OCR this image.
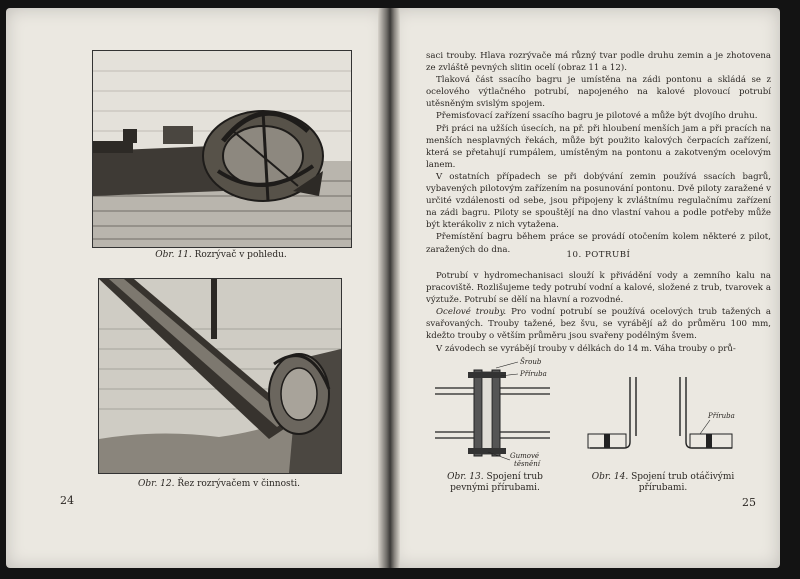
Obr. 11. Rozrývač v pohledu.
Obr. 12. Řez rozrývačem v činnosti.
24

saci trouby. Hlava rozrývače má různý tvar podle druhu zemin a je zhotovena ze zvláště pevných slitin ocelí (obraz 11 a 12).

Tlaková část ssacího bagru je umístěna na zádi pontonu a skládá se z ocelového výtlačného potrubí, napojeného na kalové plovoucí potrubí utěsněným svislým spojem.

Přemisťovací zařízení ssacího bagru je pilotové a může být dvojího druhu.

Při práci na užších úsecích, na př. při hloubení menších jam a při pracích na menších nesplavných řekách, může být použito kalových čerpacích zařízení, která se přetahují rumpálem, umístěným na pontonu a zakotveným ocelovým lanem.

V ostatních případech se při dobývání zemin používá ssacích bagrů, vybavených pilotovým zařízením na posunování pontonu. Dvě piloty zaražené v určité vzdálenosti od sebe, jsou připojeny k zvláštnímu regulačnímu zařízení na zádi bagru. Piloty se spouštějí na dno vlastní vahou a podle potřeby může být kterákoliv z nich vytažena.

Přemístění bagru během práce se provádí otočením kolem některé z pilot, zaražených do dna.

10. POTRUBÍ

Potrubí v hydromechanisaci slouží k přivádění vody a zemního kalu na pracoviště. Rozlišujeme tedy potrubí vodní a kalové, složené z trub, tvarovek a výztuže. Potrubí se dělí na hlavní a rozvodné.

Ocelové trouby. Pro vodní potrubí se používá ocelových trub tažených a svařovaných. Trouby tažené, bez švu, se vyrábějí až do průměru 100 mm, kdežto trouby o větším průměru jsou svařeny podélným švem.

V závodech se vyrábějí trouby v délkách do 14 m. Váha trouby o prů-

Šroub
Příruba
Gumové
těsnění
Obr. 13. Spojení trub
pevnými přírubami.
Příruba
Obr. 14. Spojení trub otáčivými
přírubami.
25
